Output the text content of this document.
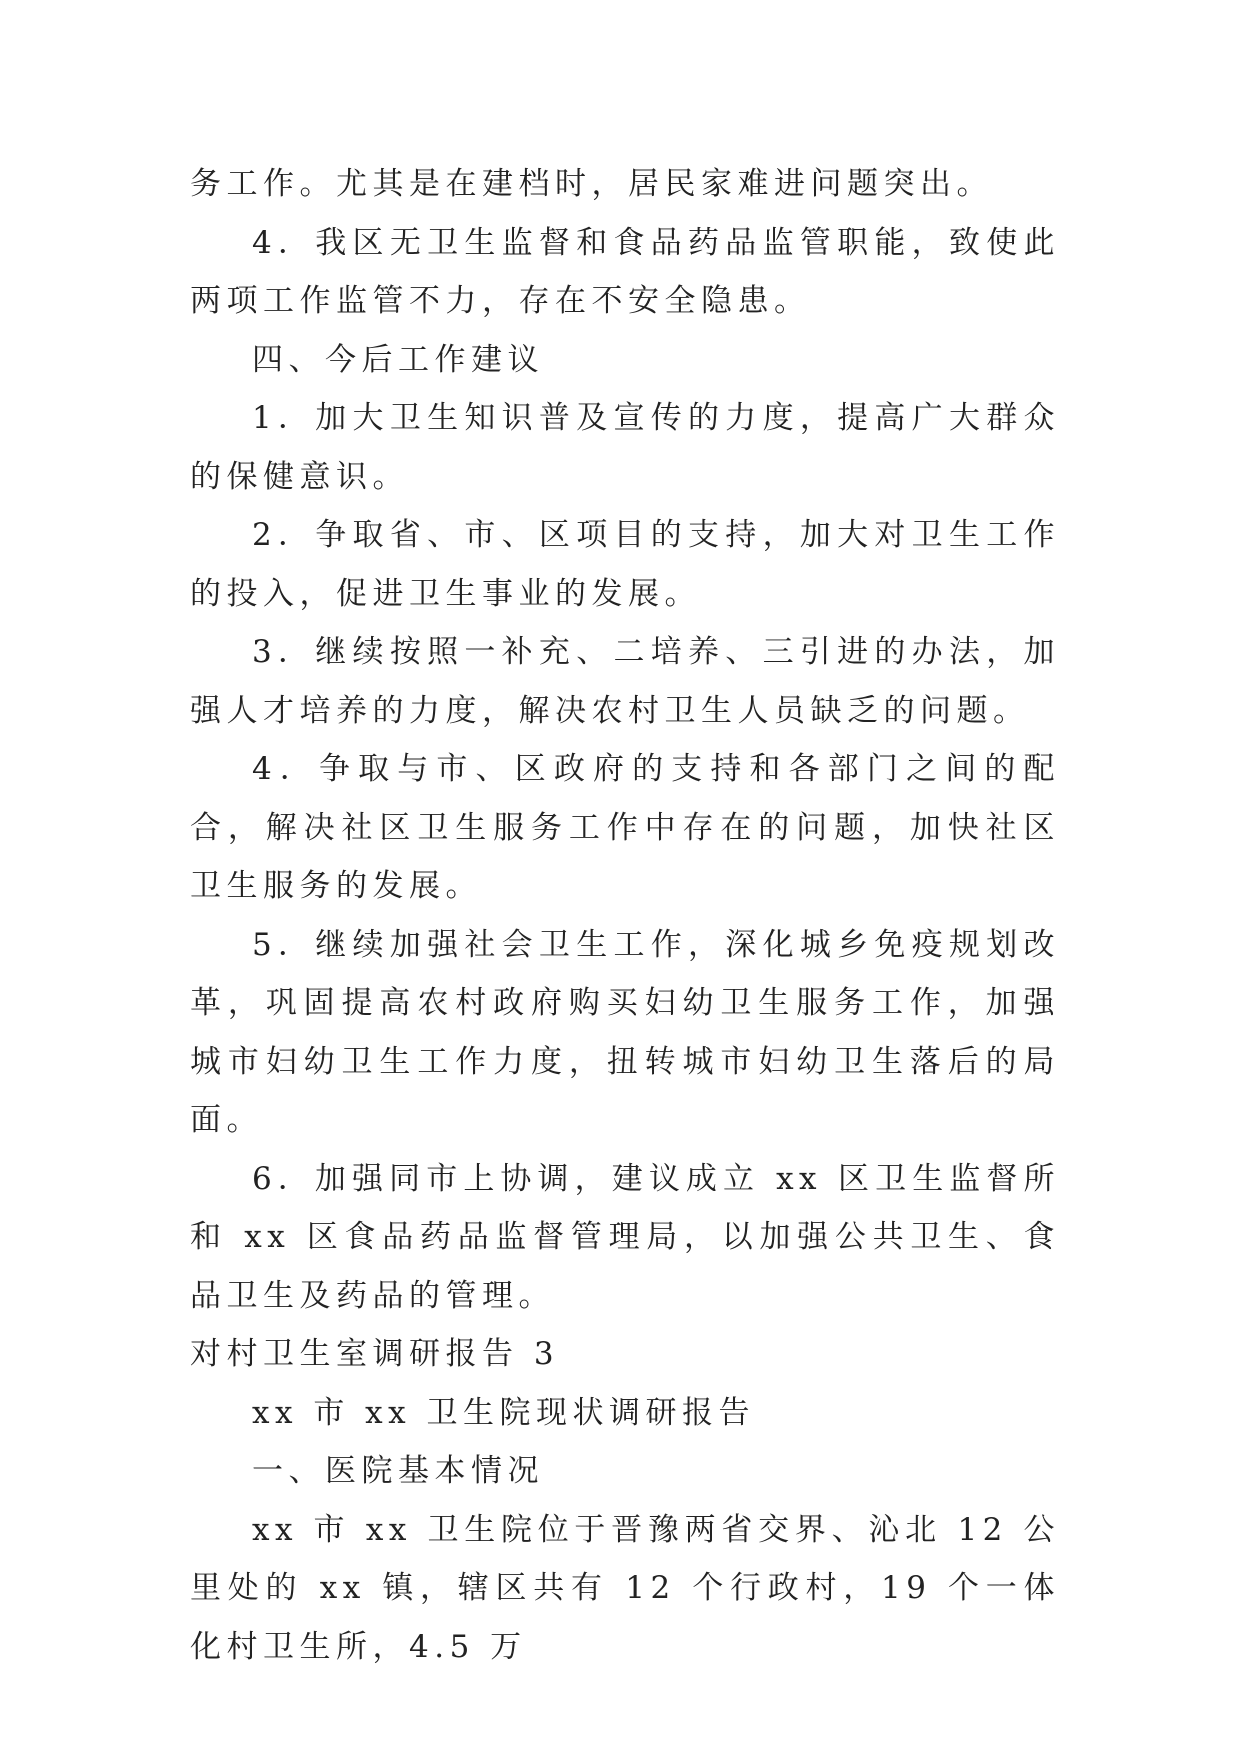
务工作。尤其是在建档时，居民家难进问题突出。

4．我区无卫生监督和食品药品监管职能，致使此两项工作监管不力，存在不安全隐患。

四、今后工作建议

1．加大卫生知识普及宣传的力度，提高广大群众的保健意识。

2．争取省、市、区项目的支持，加大对卫生工作的投入，促进卫生事业的发展。

3．继续按照一补充、二培养、三引进的办法，加强人才培养的力度，解决农村卫生人员缺乏的问题。

4．争取与市、区政府的支持和各部门之间的配合，解决社区卫生服务工作中存在的问题，加快社区卫生服务的发展。

5．继续加强社会卫生工作，深化城乡免疫规划改革，巩固提高农村政府购买妇幼卫生服务工作，加强城市妇幼卫生工作力度，扭转城市妇幼卫生落后的局面。

6．加强同市上协调，建议成立 xx 区卫生监督所和 xx 区食品药品监督管理局，以加强公共卫生、食品卫生及药品的管理。

对村卫生室调研报告 3

xx 市 xx 卫生院现状调研报告

一、医院基本情况

xx 市 xx 卫生院位于晋豫两省交界、沁北 12 公里处的 xx 镇，辖区共有 12 个行政村，19 个一体化村卫生所，4.5 万
